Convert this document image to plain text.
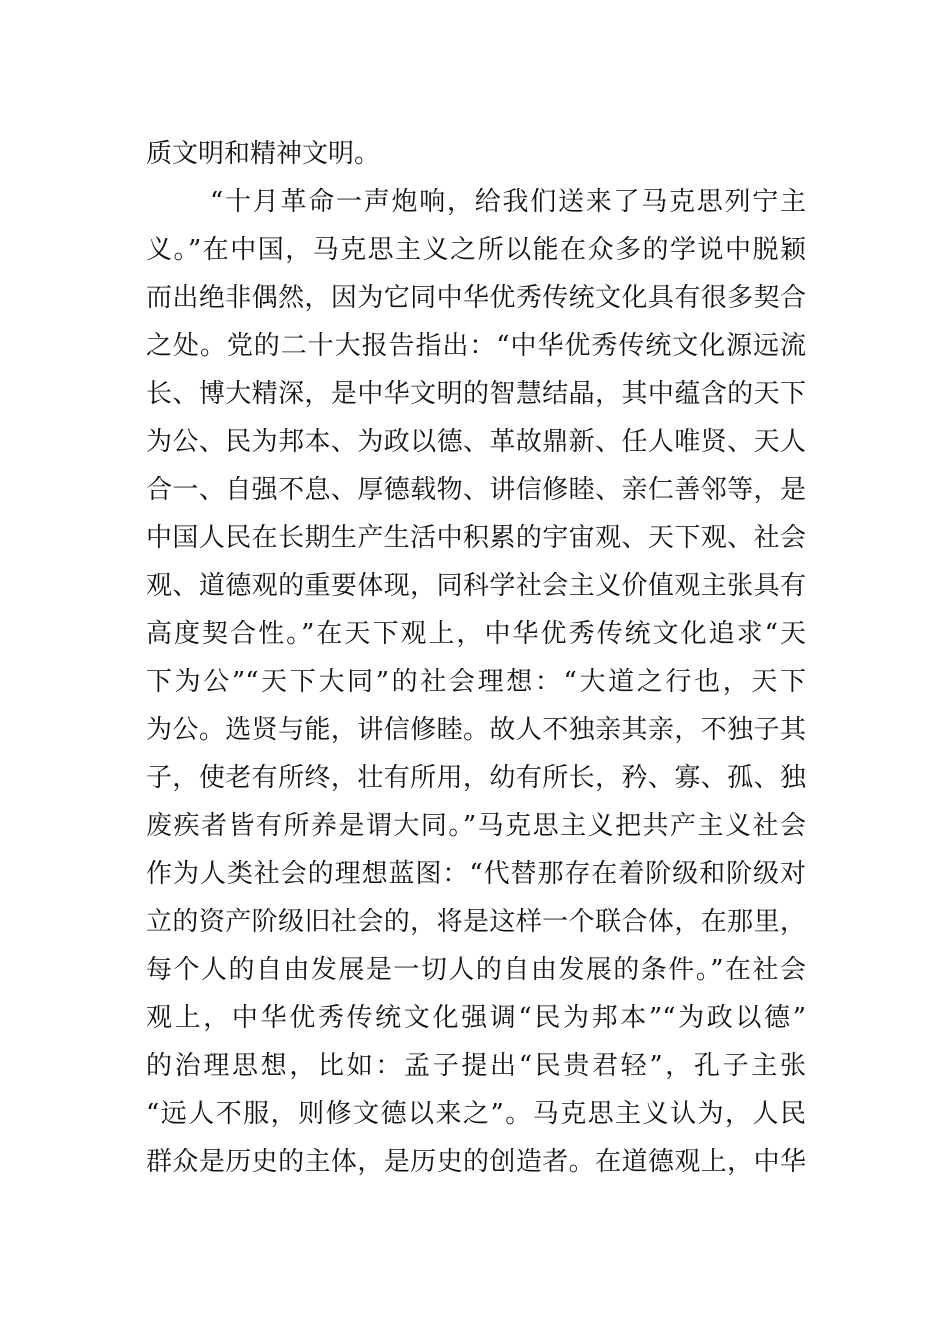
质文明和精神文明。
“十月革命一声炮响，给我们送来了马克思列宁主
义。”在中国，马克思主义之所以能在众多的学说中脱颖
而出绝非偶然，因为它同中华优秀传统文化具有很多契合
之处。党的二十大报告指出：“中华优秀传统文化源远流
长、博大精深，是中华文明的智慧结晶，其中蕴含的天下
为公、民为邦本、为政以德、革故鼎新、任人唯贤、天人
合一、自强不息、厚德载物、讲信修睦、亲仁善邻等，是
中国人民在长期生产生活中积累的宇宙观、天下观、社会
观、道德观的重要体现，同科学社会主义价值观主张具有
高度契合性。”在天下观上，中华优秀传统文化追求“天
下为公”“天下大同”的社会理想：“大道之行也，天下
为公。选贤与能，讲信修睦。故人不独亲其亲，不独子其
子，使老有所终，壮有所用，幼有所长，矜、寡、孤、独
废疾者皆有所养是谓大同。”马克思主义把共产主义社会
作为人类社会的理想蓝图：“代替那存在着阶级和阶级对
立的资产阶级旧社会的，将是这样一个联合体，在那里，
每个人的自由发展是一切人的自由发展的条件。”在社会
观上，中华优秀传统文化强调“民为邦本”“为政以德”
的治理思想，比如：孟子提出“民贵君轻”，孔子主张
“远人不服，则修文德以来之”。马克思主义认为，人民
群众是历史的主体，是历史的创造者。在道德观上，中华
